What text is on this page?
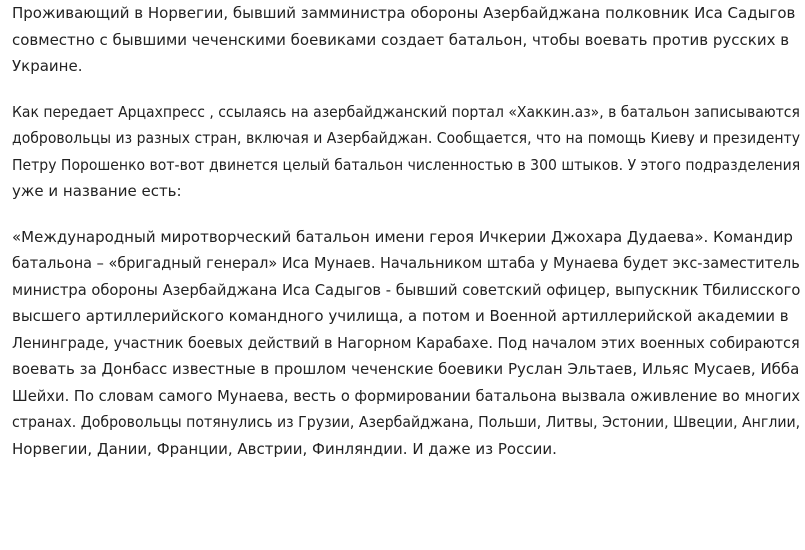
Проживающий в Норвегии, бывший замминистра обороны Азербайджана полковник Иса Садыгов
совместно с бывшими чеченскими боевиками создает батальон, чтобы воевать против русских в
Украине.

Как передает Арцахпресс , ссылаясь на азербайджанский портал «Хаккин.аз», в батальон записываются
добровольцы из разных стран, включая и Азербайджан. Сообщается, что на помощь Киеву и президенту
Петру Порошенко вот-вот двинется целый батальон численностью в 300 штыков. У этого подразделения
уже и название есть:

«Международный миротворческий батальон имени героя Ичкерии Джохара Дудаева». Командир
батальона – «бригадный генерал» Иса Мунаев. Начальником штаба у Мунаева будет экс-заместитель
министра обороны Азербайджана Иса Садыгов - бывший советский офицер, выпускник Тбилисского
высшего артиллерийского командного училища, а потом и Военной артиллерийской академии в
Ленинграде, участник боевых действий в Нагорном Карабахе. Под началом этих военных собираются
воевать за Донбасс известные в прошлом чеченские боевики Руслан Эльтаев, Ильяс Мусаев, Ибба
Шейхи. По словам самого Мунаева, весть о формировании батальона вызвала оживление во многих
странах. Добровольцы потянулись из Грузии, Азербайджана, Польши, Литвы, Эстонии, Швеции, Англии,
Норвегии, Дании, Франции, Австрии, Финляндии. И даже из России.
